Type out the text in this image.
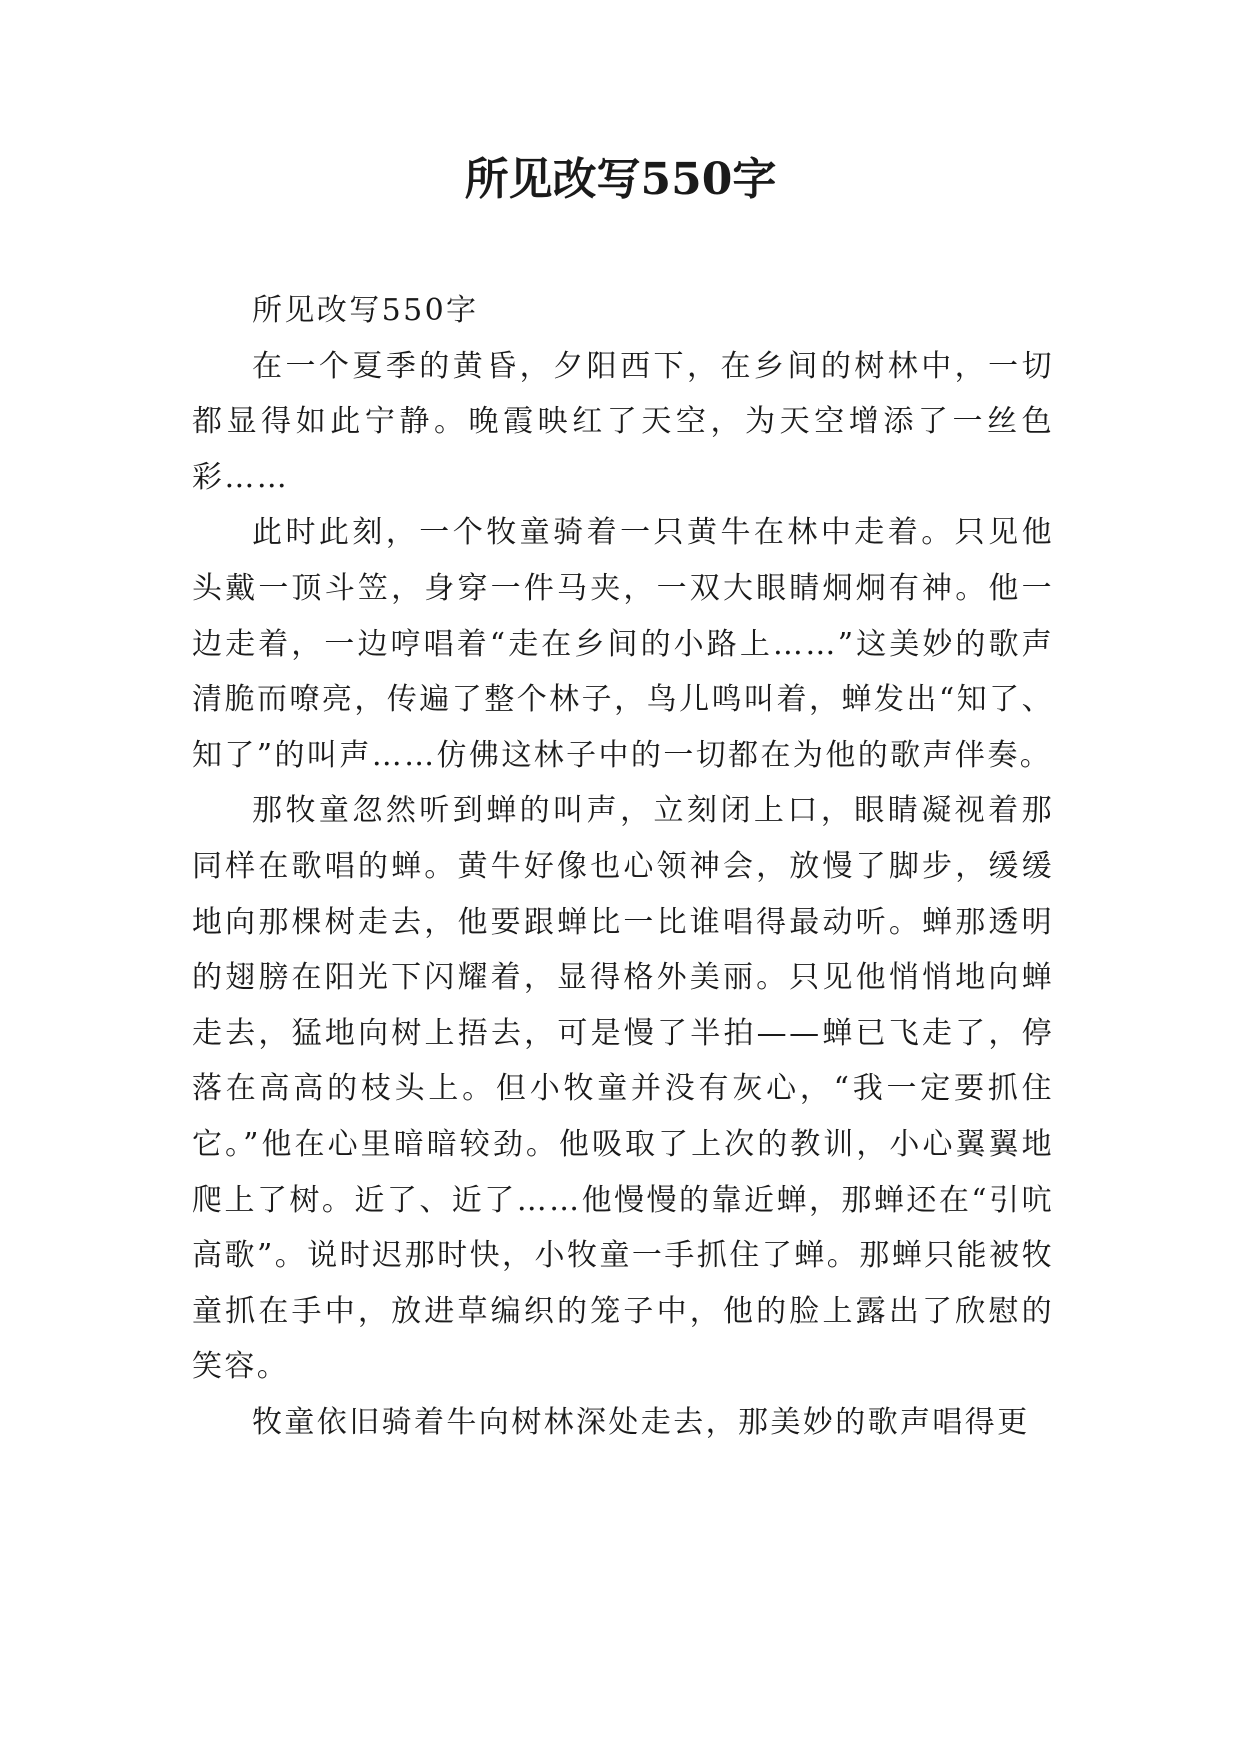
所见改写550字

所见改写550字

在一个夏季的黄昏，夕阳西下，在乡间的树林中，一切都显得如此宁静。晚霞映红了天空，为天空增添了一丝色彩……

此时此刻，一个牧童骑着一只黄牛在林中走着。只见他头戴一顶斗笠，身穿一件马夹，一双大眼睛炯炯有神。他一边走着，一边哼唱着“走在乡间的小路上……”这美妙的歌声清脆而嘹亮，传遍了整个林子，鸟儿鸣叫着，蝉发出“知了、知了”的叫声……仿佛这林子中的一切都在为他的歌声伴奏。

那牧童忽然听到蝉的叫声，立刻闭上口，眼睛凝视着那同样在歌唱的蝉。黄牛好像也心领神会，放慢了脚步，缓缓地向那棵树走去，他要跟蝉比一比谁唱得最动听。蝉那透明的翅膀在阳光下闪耀着，显得格外美丽。只见他悄悄地向蝉走去，猛地向树上捂去，可是慢了半拍——蝉已飞走了，停落在高高的枝头上。但小牧童并没有灰心，“我一定要抓住它。”他在心里暗暗较劲。他吸取了上次的教训，小心翼翼地爬上了树。近了、近了……他慢慢的靠近蝉，那蝉还在“引吭高歌”。说时迟那时快，小牧童一手抓住了蝉。那蝉只能被牧童抓在手中，放进草编织的笼子中，他的脸上露出了欣慰的笑容。

牧童依旧骑着牛向树林深处走去，那美妙的歌声唱得更
